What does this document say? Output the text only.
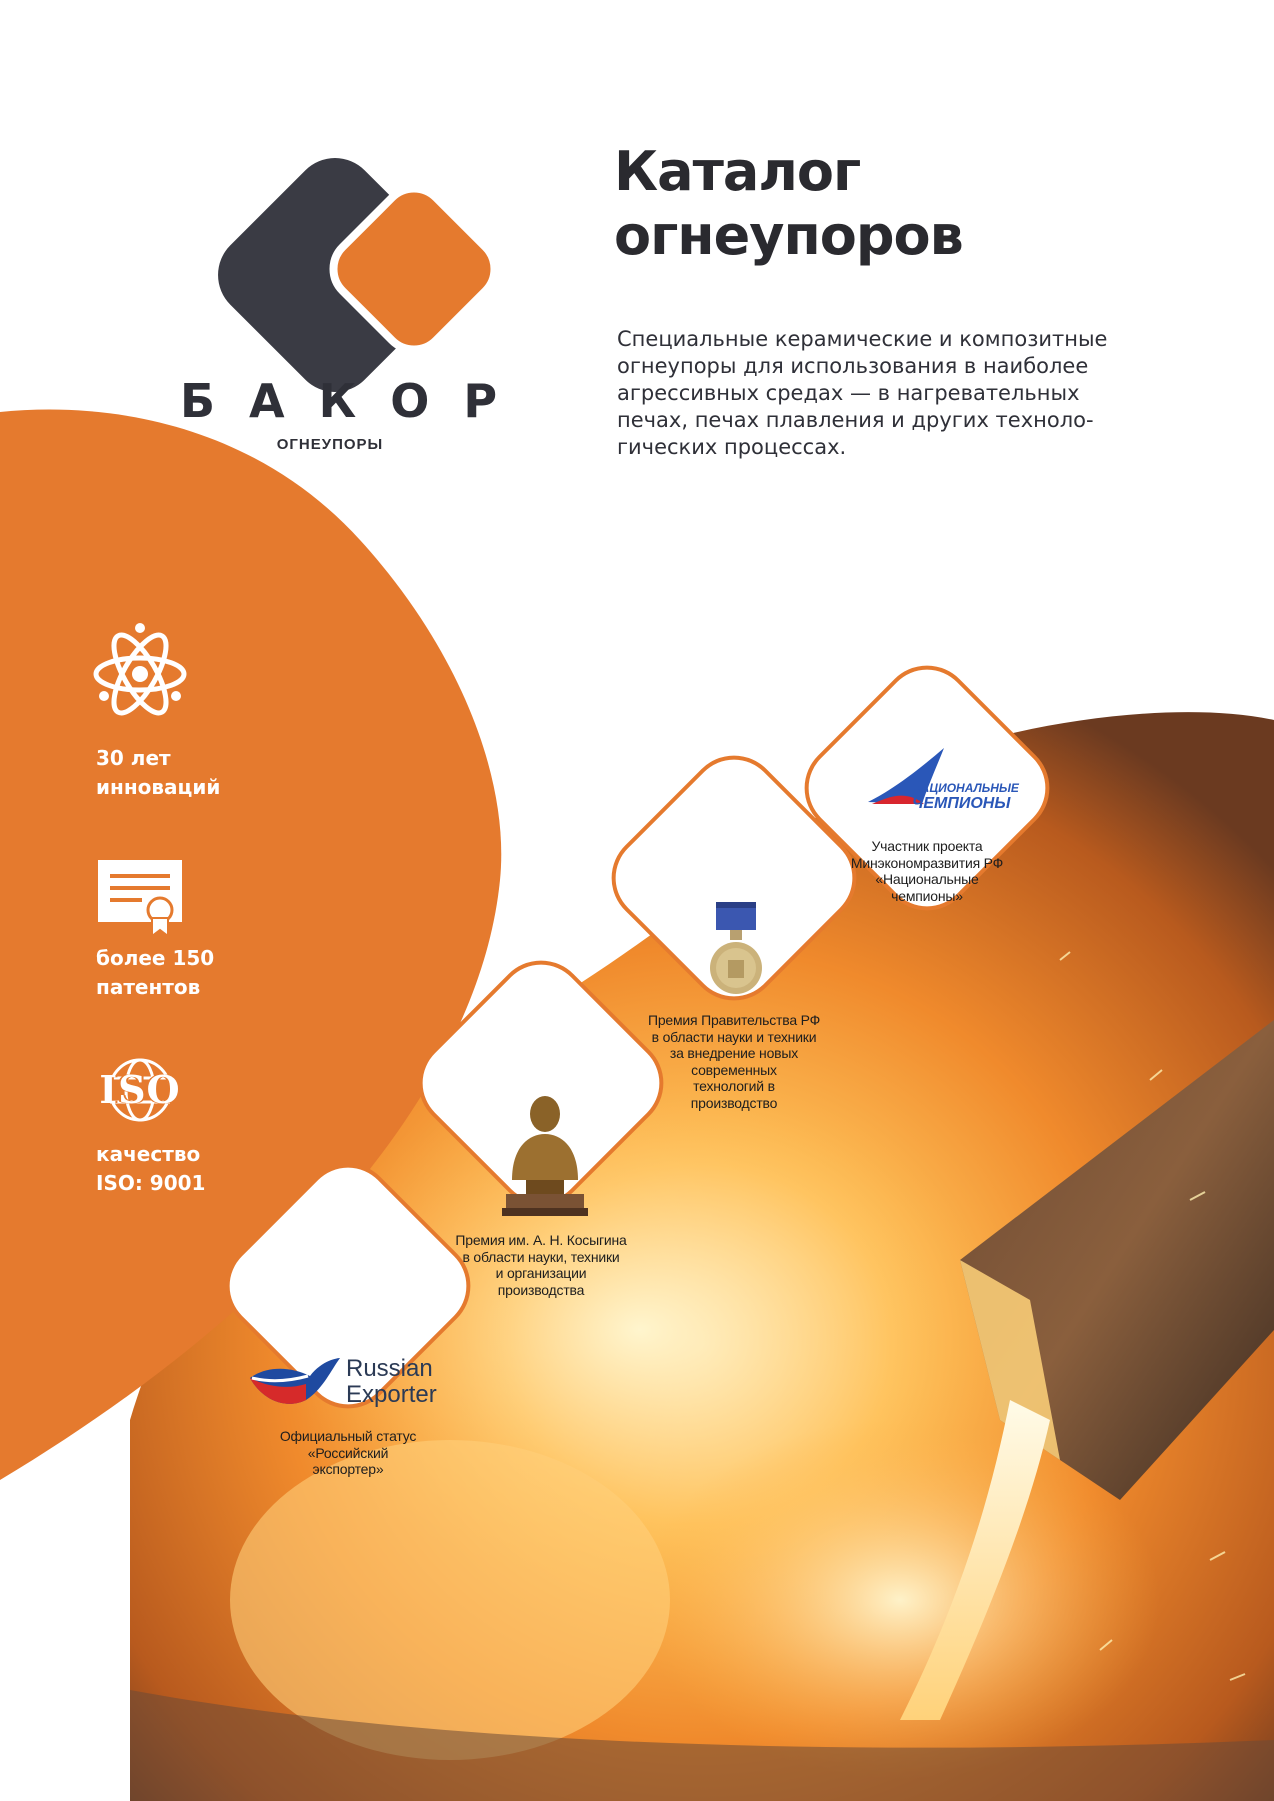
БАКОР
ОГНЕУПОРЫ
Каталог
огнеупоров
Специальные керамические и композитные
огнеупоры для использования в наиболее
агрессивных средах — в нагревательных
печах, печах плавления и других техноло-
гических процессах.
30 лет
инноваций
более 150
патентов
ISO
качество
ISO: 9001
Russian
Exporter
Официальный статус
«Российский
экспортер»
Премия им. А. Н. Косыгина
в области науки, техники
и организации
производства
Премия Правительства РФ
в области науки и техники
за внедрение новых
современных
технологий в
производство
НАЦИОНАЛЬНЫЕ
ЧЕМПИОНЫ
Участник проекта
Минэкономразвития РФ
«Национальные
чемпионы»
